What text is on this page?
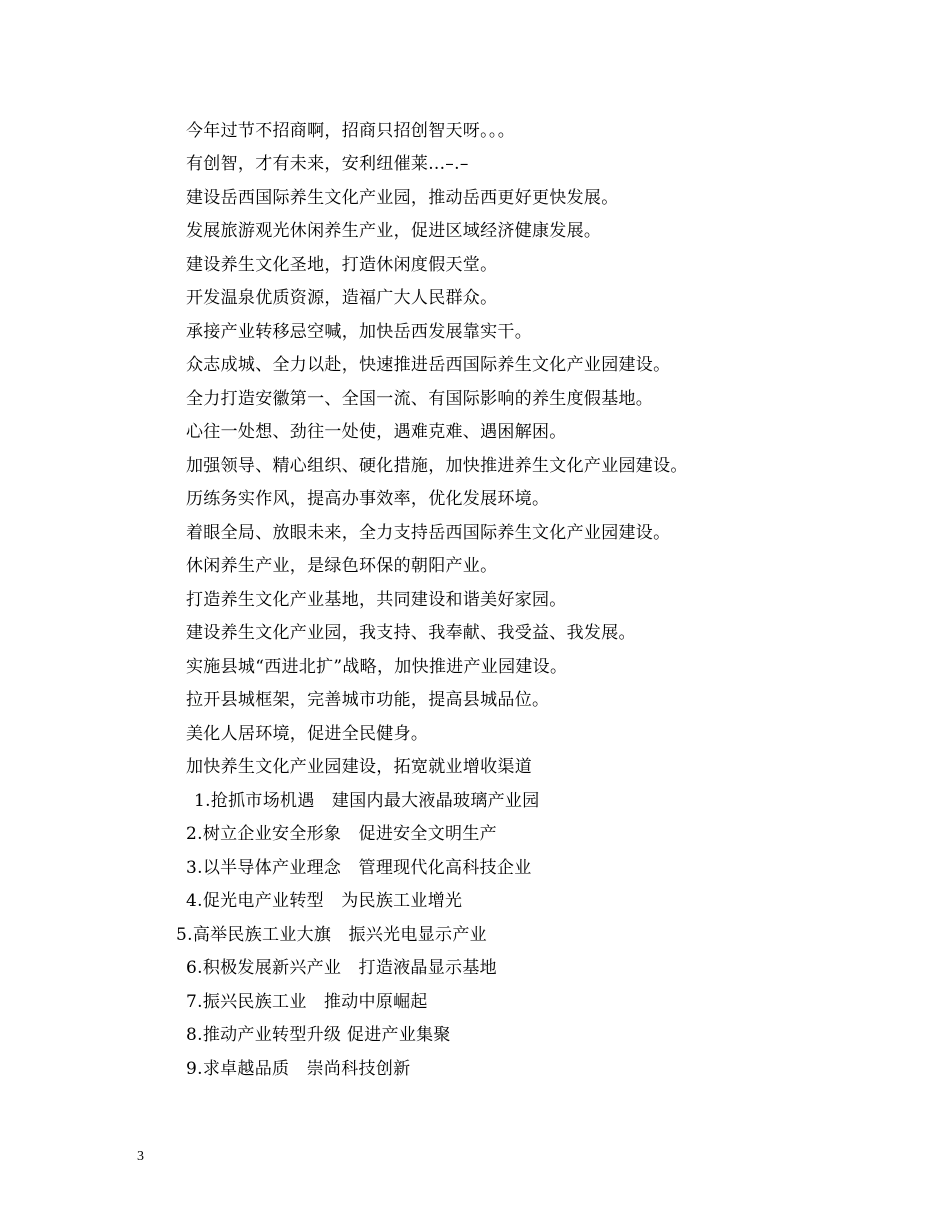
今年过节不招商啊，招商只招创智天呀。。。
有创智，才有未来，安利纽催莱...–.–
建设岳西国际养生文化产业园，推动岳西更好更快发展。
发展旅游观光休闲养生产业，促进区域经济健康发展。
建设养生文化圣地，打造休闲度假天堂。
开发温泉优质资源，造福广大人民群众。
承接产业转移忌空喊，加快岳西发展靠实干。
众志成城、全力以赴，快速推进岳西国际养生文化产业园建设。
全力打造安徽第一、全国一流、有国际影响的养生度假基地。
心往一处想、劲往一处使，遇难克难、遇困解困。
加强领导、精心组织、硬化措施，加快推进养生文化产业园建设。
历练务实作风，提高办事效率，优化发展环境。
着眼全局、放眼未来，全力支持岳西国际养生文化产业园建设。
休闲养生产业，是绿色环保的朝阳产业。
打造养生文化产业基地，共同建设和谐美好家园。
建设养生文化产业园，我支持、我奉献、我受益、我发展。
实施县城“西进北扩”战略，加快推进产业园建设。
拉开县城框架，完善城市功能，提高县城品位。
美化人居环境，促进全民健身。
加快养生文化产业园建设，拓宽就业增收渠道
1.抢抓市场机遇　建国内最大液晶玻璃产业园
2.树立企业安全形象　促进安全文明生产
3.以半导体产业理念　管理现代化高科技企业
4.促光电产业转型　为民族工业增光
5.高举民族工业大旗　振兴光电显示产业
6.积极发展新兴产业　打造液晶显示基地
7.振兴民族工业　推动中原崛起
8.推动产业转型升级 促进产业集聚
9.求卓越品质　崇尚科技创新
3
